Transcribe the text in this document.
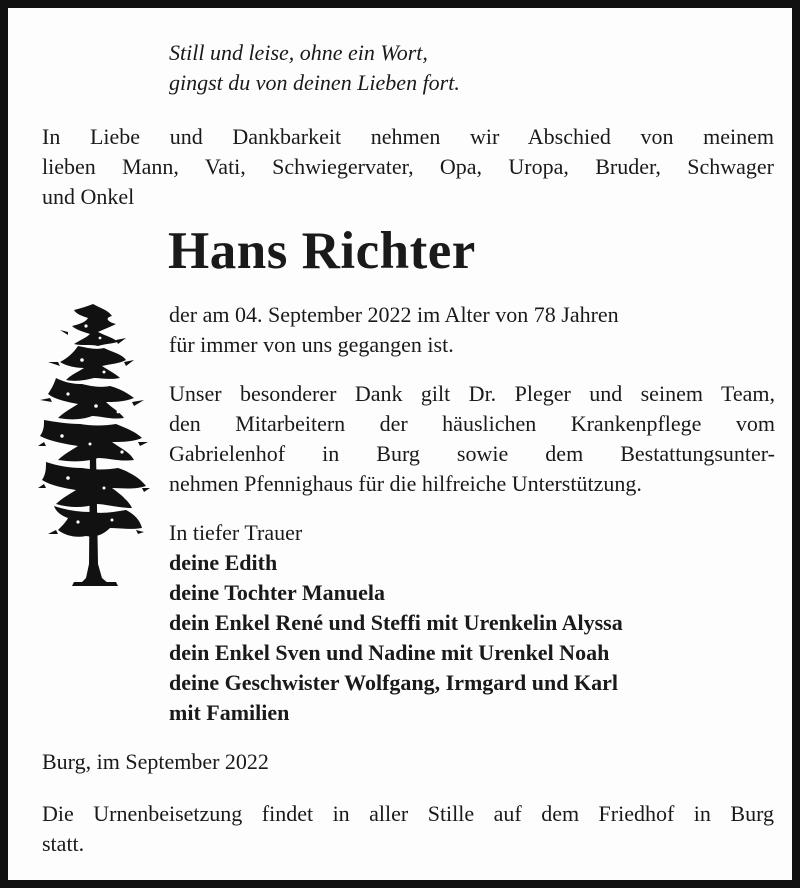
Still und leise, ohne ein Wort,
gingst du von deinen Lieben fort.
In Liebe und Dankbarkeit nehmen wir Abschied von meinem
lieben Mann, Vati, Schwiegervater, Opa, Uropa, Bruder, Schwager
und Onkel
Hans Richter
der am 04. September 2022 im Alter von 78 Jahren
für immer von uns gegangen ist.
Unser besonderer Dank gilt Dr. Pleger und seinem Team,
den Mitarbeitern der häuslichen Krankenpflege vom
Gabrielenhof in Burg sowie dem Bestattungsunter-
nehmen Pfennighaus für die hilfreiche Unterstützung.
In tiefer Trauer
deine Edith
deine Tochter Manuela
dein Enkel René und Steffi mit Urenkelin Alyssa
dein Enkel Sven und Nadine mit Urenkel Noah
deine Geschwister Wolfgang, Irmgard und Karl
mit Familien
Burg, im September 2022
Die Urnenbeisetzung findet in aller Stille auf dem Friedhof in Burg
statt.
